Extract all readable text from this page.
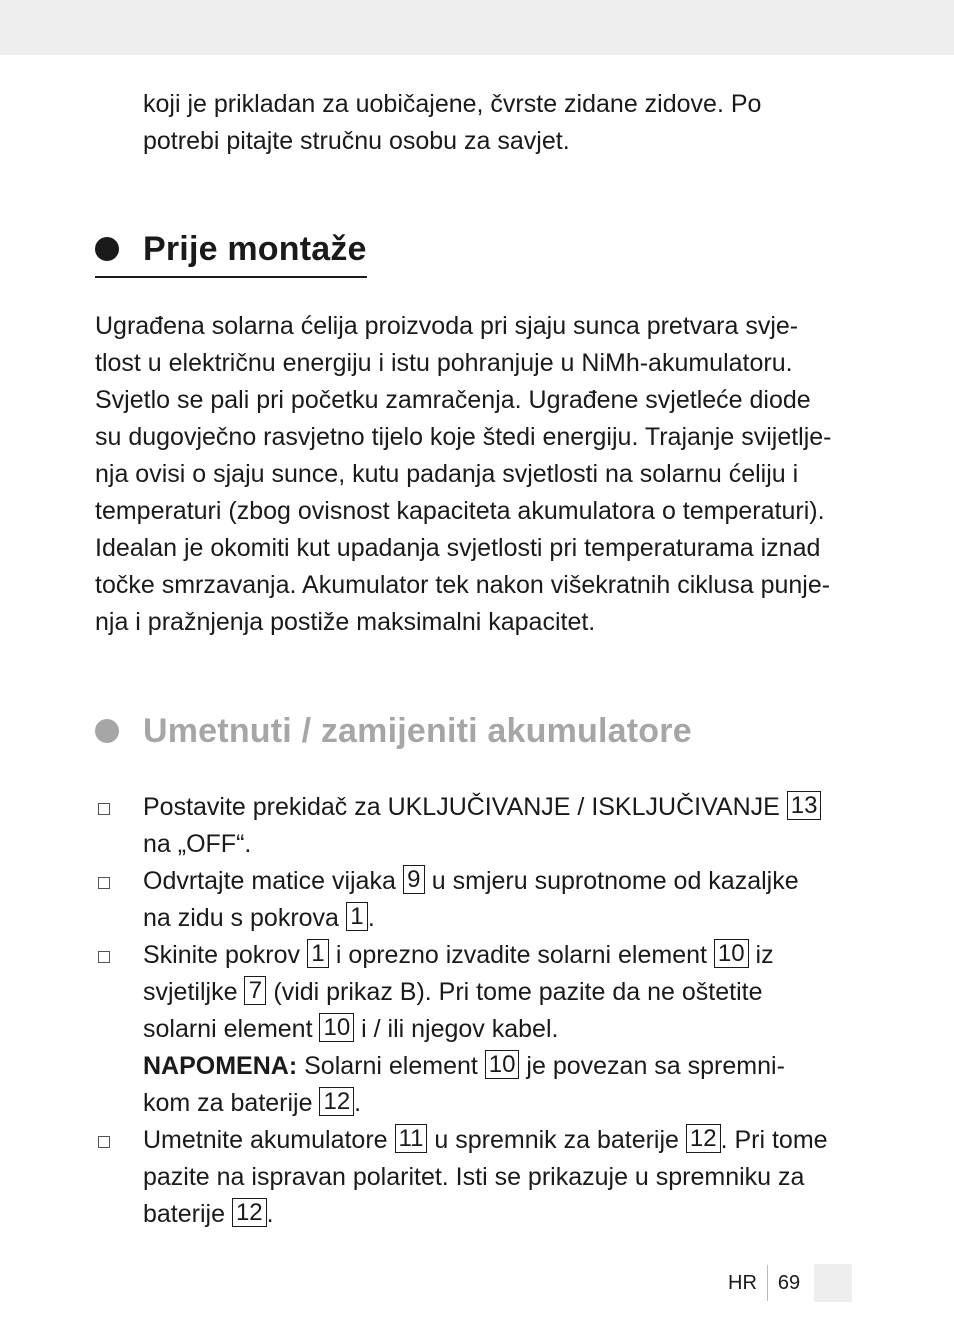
koji je prikladan za uobičajene, čvrste zidane zidove. Po
potrebi pitajte stručnu osobu za savjet.
Prije montaže
Ugrađena solarna ćelija proizvoda pri sjaju sunca pretvara svje-
tlost u električnu energiju i istu pohranjuje u NiMh-akumulatoru.
Svjetlo se pali pri početku zamračenja. Ugrađene svjetleće diode
su dugovječno rasvjetno tijelo koje štedi energiju. Trajanje svijetlje-
nja ovisi o sjaju sunce, kutu padanja svjetlosti na solarnu ćeliju i
temperaturi (zbog ovisnost kapaciteta akumulatora o temperaturi).
Idealan je okomiti kut upadanja svjetlosti pri temperaturama iznad
točke smrzavanja. Akumulator tek nakon višekratnih ciklusa punje-
nja i pražnjenja postiže maksimalni kapacitet.
Umetnuti / zamijeniti akumulatore
Postavite prekidač za UKLJUČIVANJE / ISKLJUČIVANJE 13
na „OFF“.
Odvrtajte matice vijaka 9 u smjeru suprotnome od kazaljke
na zidu s pokrova 1 .
Skinite pokrov 1 i oprezno izvadite solarni element 10 iz
svjetiljke 7 (vidi prikaz B). Pri tome pazite da ne oštetite
solarni element 10 i / ili njegov kabel.
NAPOMENA: Solarni element 10 je povezan sa spremni-
kom za baterije 12 .
Umetnite akumulatore 11 u spremnik za baterije 12 . Pri tome
pazite na ispravan polaritet. Isti se prikazuje u spremniku za
baterije 12 .
HR 69
